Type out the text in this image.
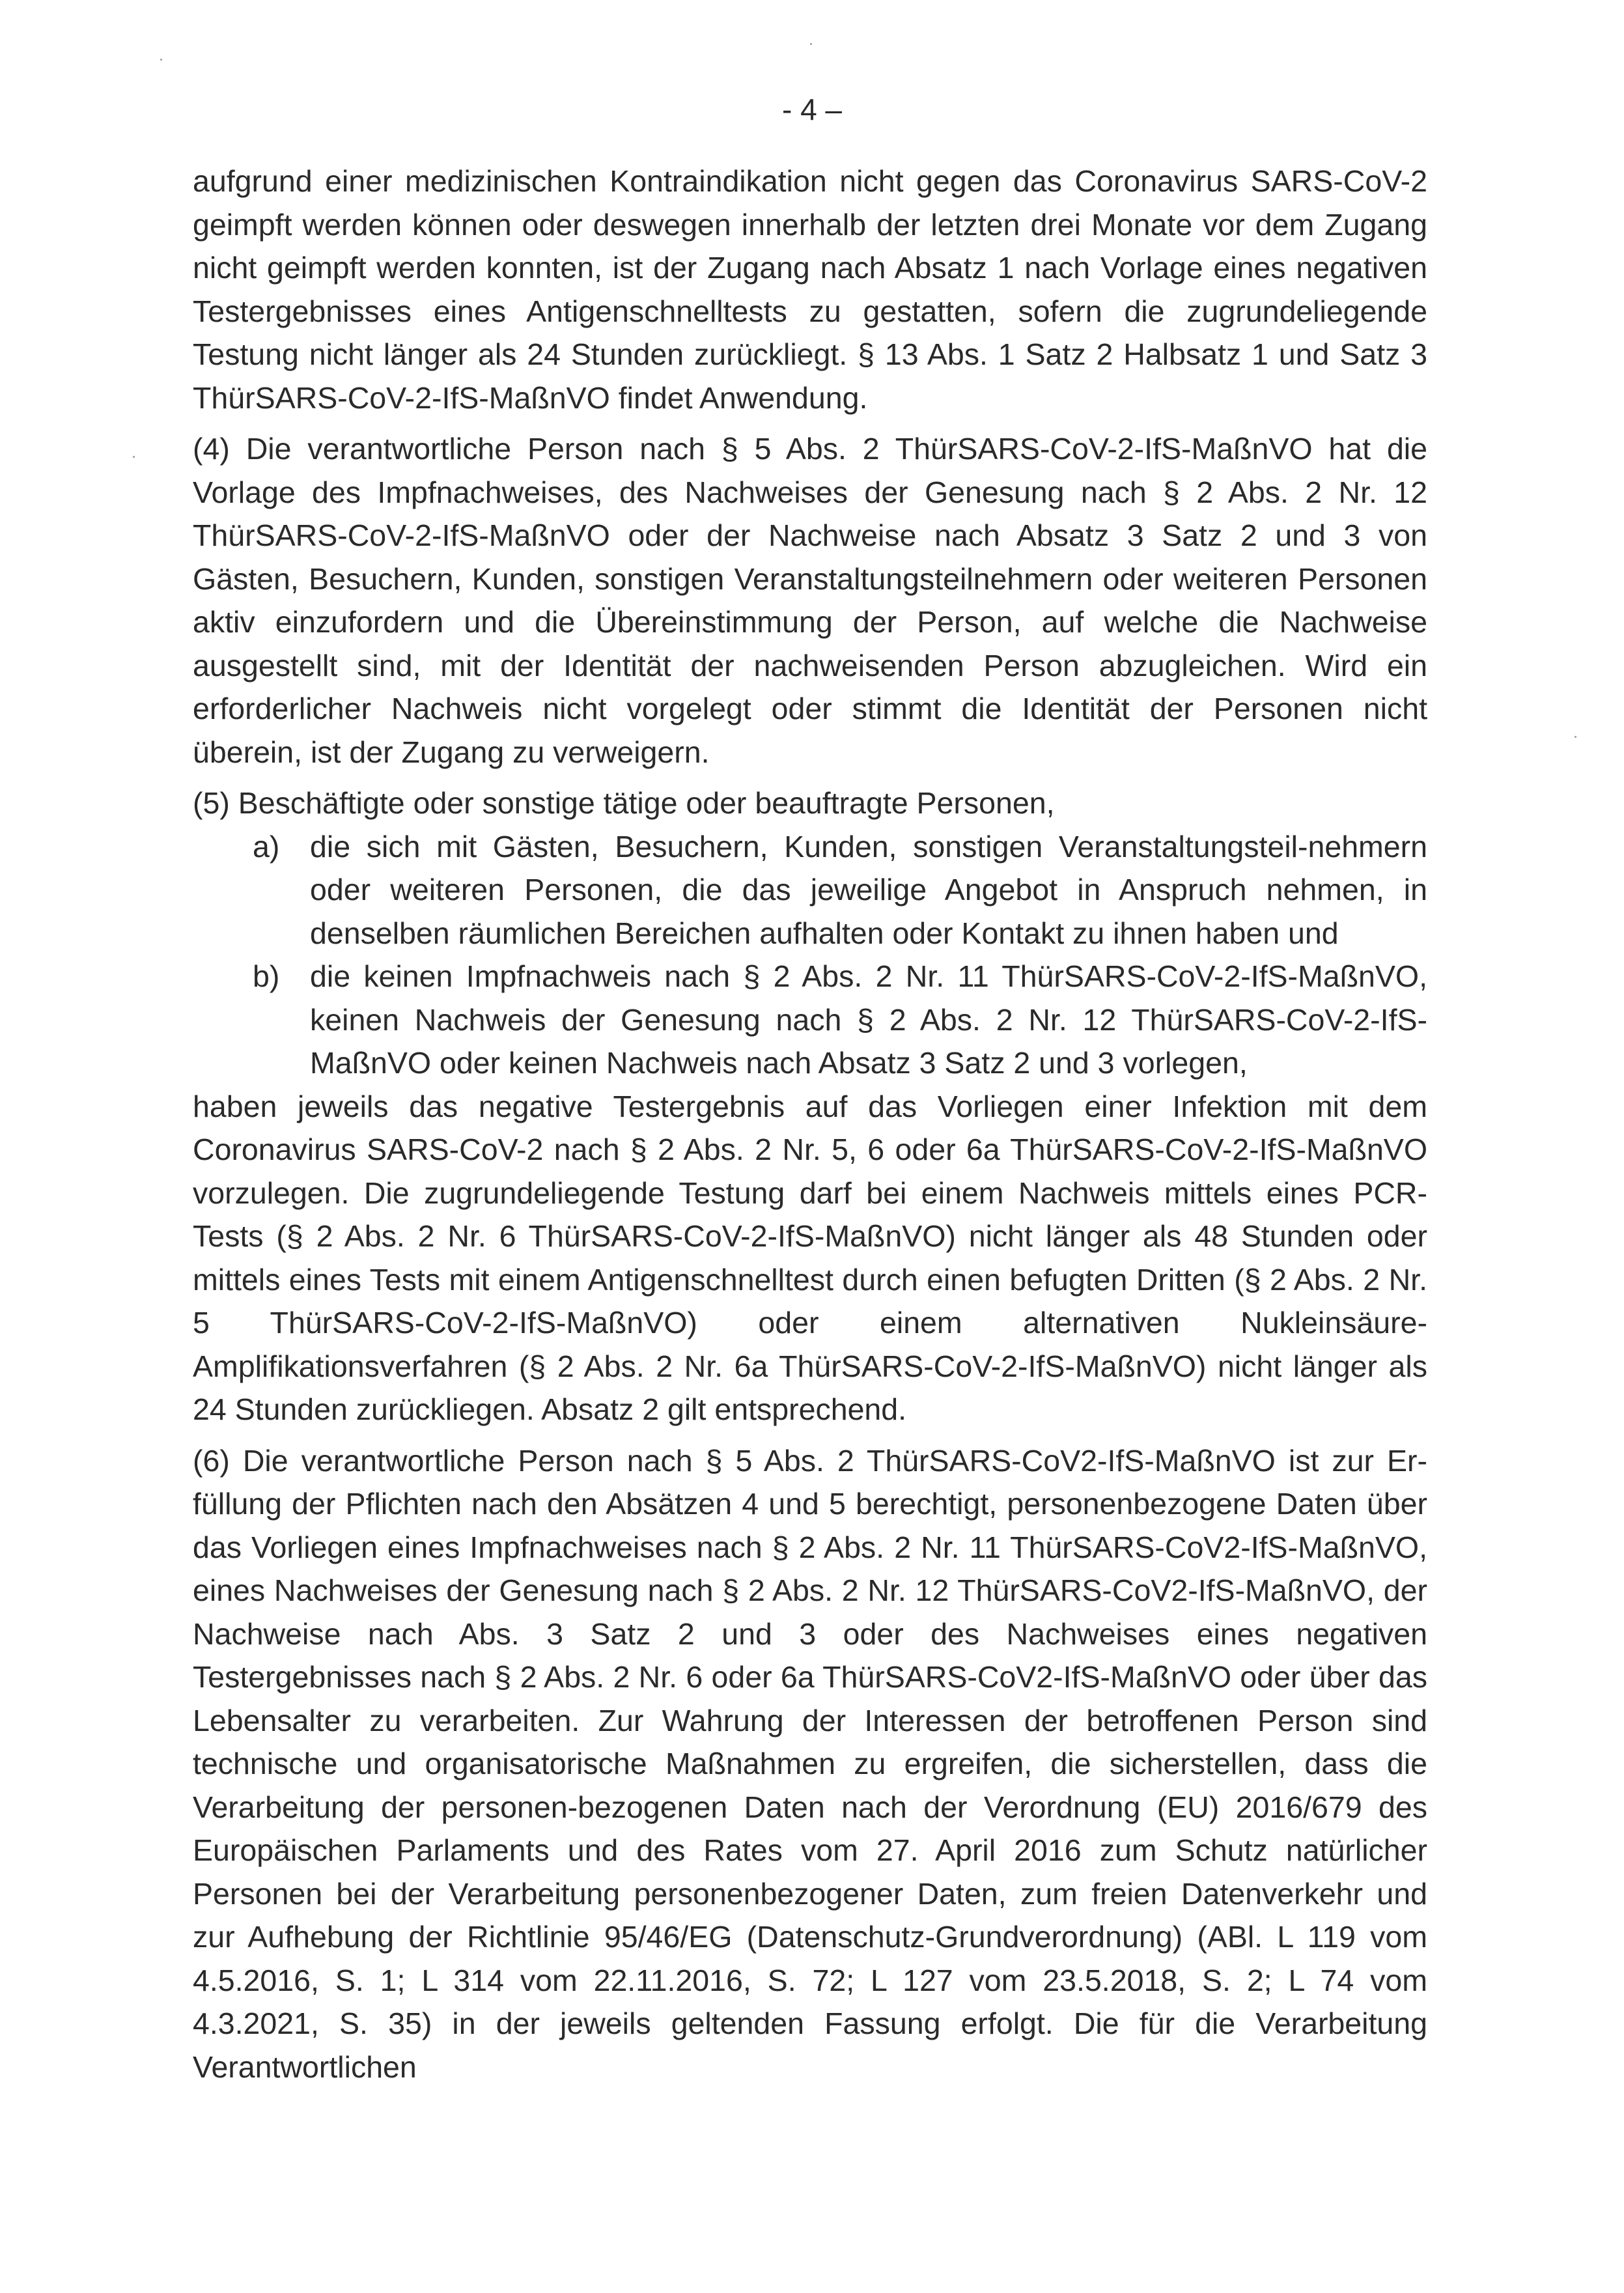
- 4 –

aufgrund einer medizinischen Kontraindikation nicht gegen das Coronavirus SARS-CoV-2 geimpft werden können oder deswegen innerhalb der letzten drei Monate vor dem Zugang nicht geimpft werden konnten, ist der Zugang nach Absatz 1 nach Vorlage eines negativen Testergebnisses eines Antigenschnelltests zu gestatten, sofern die zugrundeliegende Testung nicht länger als 24 Stunden zurückliegt. § 13 Abs. 1 Satz 2 Halbsatz 1 und Satz 3 ThürSARS-CoV-2-IfS-MaßnVO findet Anwendung.

(4) Die verantwortliche Person nach § 5 Abs. 2 ThürSARS-CoV-2-IfS-MaßnVO hat die Vorlage des Impfnachweises, des Nachweises der Genesung nach § 2 Abs. 2 Nr. 12 ThürSARS-CoV-2-IfS-MaßnVO oder der Nachweise nach Absatz 3 Satz 2 und 3 von Gästen, Besuchern, Kunden, sonstigen Veranstaltungsteilnehmern oder weiteren Personen aktiv einzufordern und die Übereinstimmung der Person, auf welche die Nachweise ausgestellt sind, mit der Identität der nachweisenden Person abzugleichen. Wird ein erforderlicher Nachweis nicht vorgelegt oder stimmt die Identität der Personen nicht überein, ist der Zugang zu verweigern.

(5) Beschäftigte oder sonstige tätige oder beauftragte Personen,

a)	die sich mit Gästen, Besuchern, Kunden, sonstigen Veranstaltungsteil-nehmern oder weiteren Personen, die das jeweilige Angebot in Anspruch nehmen, in denselben räumlichen Bereichen aufhalten oder Kontakt zu ihnen haben und
b)	die keinen Impfnachweis nach § 2 Abs. 2 Nr. 11 ThürSARS-CoV-2-IfS-MaßnVO, keinen Nachweis der Genesung nach § 2 Abs. 2 Nr. 12 ThürSARS-CoV-2-IfS-MaßnVO oder keinen Nachweis nach Absatz 3 Satz 2 und 3 vorlegen,

haben jeweils das negative Testergebnis auf das Vorliegen einer Infektion mit dem Coronavirus SARS-CoV-2 nach § 2 Abs. 2 Nr. 5, 6 oder 6a ThürSARS-CoV-2-IfS-MaßnVO vorzulegen. Die zugrundeliegende Testung darf bei einem Nachweis mittels eines PCR-Tests (§ 2 Abs. 2 Nr. 6 ThürSARS-CoV-2-IfS-MaßnVO) nicht länger als 48 Stunden oder mittels eines Tests mit einem Antigenschnelltest durch einen befugten Dritten (§ 2 Abs. 2 Nr. 5 ThürSARS-CoV-2-IfS-MaßnVO) oder einem alternativen Nukleinsäure-Amplifikationsverfahren (§ 2 Abs. 2 Nr. 6a ThürSARS-CoV-2-IfS-MaßnVO) nicht länger als 24 Stunden zurückliegen. Absatz 2 gilt entsprechend.

(6) Die verantwortliche Person nach § 5 Abs. 2 ThürSARS-CoV2-IfS-MaßnVO ist zur Er-füllung der Pflichten nach den Absätzen 4 und 5 berechtigt, personenbezogene Daten über das Vorliegen eines Impfnachweises nach § 2 Abs. 2 Nr. 11 ThürSARS-CoV2-IfS-MaßnVO, eines Nachweises der Genesung nach § 2 Abs. 2 Nr. 12 ThürSARS-CoV2-IfS-MaßnVO, der Nachweise nach Abs. 3 Satz 2 und 3 oder des Nachweises eines negativen Testergebnisses nach § 2 Abs. 2 Nr. 6 oder 6a ThürSARS-CoV2-IfS-MaßnVO oder über das Lebensalter zu verarbeiten. Zur Wahrung der Interessen der betroffenen Person sind technische und organisatorische Maßnahmen zu ergreifen, die sicherstellen, dass die Verarbeitung der personen-bezogenen Daten nach der Verordnung (EU) 2016/679 des Europäischen Parlaments und des Rates vom 27. April 2016 zum Schutz natürlicher Personen bei der Verarbeitung personenbezogener Daten, zum freien Datenverkehr und zur Aufhebung der Richtlinie 95/46/EG (Datenschutz-Grundverordnung) (ABl. L 119 vom 4.5.2016, S. 1; L 314 vom 22.11.2016, S. 72; L 127 vom 23.5.2018, S. 2; L 74 vom 4.3.2021, S. 35) in der jeweils geltenden Fassung erfolgt. Die für die Verarbeitung Verantwortlichen
